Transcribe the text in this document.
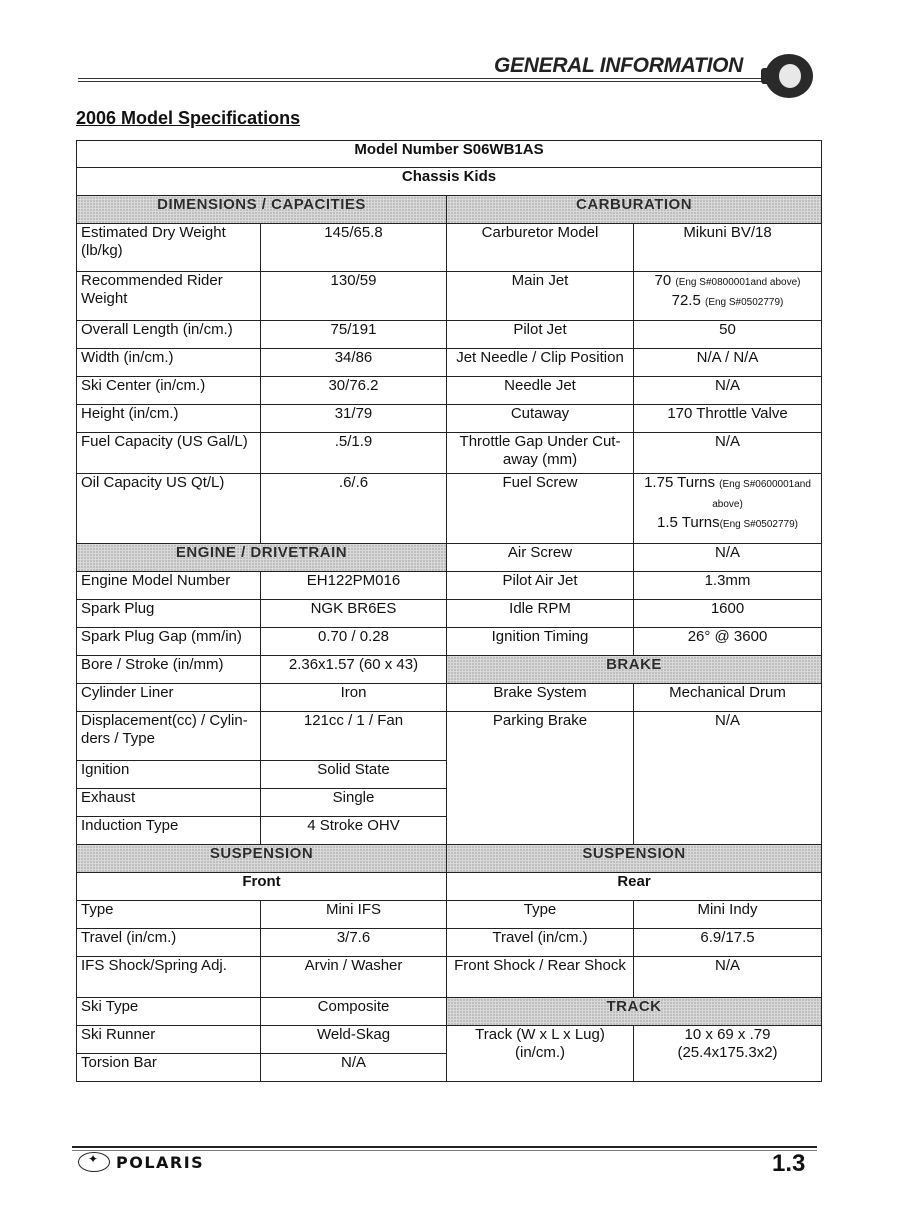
GENERAL INFORMATION
2006 Model Specifications
Model Number S06WB1AS			
Chassis Kids			
DIMENSIONS / CAPACITIES		CARBURATION	
Estimated Dry Weight (lb/kg)	145/65.8	Carburetor Model	Mikuni BV/18
Recommended Rider Weight	130/59	Main Jet	70 (Eng S#0800001and above)
72.5 (Eng S#0502779)

Overall Length (in/cm.)	75/191	Pilot Jet	50
Width (in/cm.)	34/86	Jet Needle / Clip Position	N/A / N/A
Ski Center (in/cm.)	30/76.2	Needle Jet	N/A
Height (in/cm.)	31/79	Cutaway	170 Throttle Valve
Fuel Capacity (US Gal/L)	.5/1.9	Throttle Gap Under Cut-away (mm)	N/A
Oil Capacity US Qt/L)	.6/.6	Fuel Screw	1.75 Turns (Eng S#0600001and above)
1.5 Turns(Eng S#0502779)

ENGINE / DRIVETRAIN		Air Screw	N/A
Engine Model Number	EH122PM016	Pilot Air Jet	1.3mm
Spark Plug	NGK BR6ES	Idle RPM	1600
Spark Plug Gap (mm/in)	0.70 / 0.28	Ignition Timing	26° @ 3600
Bore / Stroke (in/mm)	2.36x1.57 (60 x 43)	BRAKE	
Cylinder Liner	Iron	Brake System	Mechanical Drum
Displacement(cc) / Cylin-ders / Type	121cc / 1 / Fan	Parking Brake	N/A
Ignition	Solid State		
Exhaust	Single		
Induction Type	4 Stroke OHV		
SUSPENSION		SUSPENSION	
Front		Rear	
Type	Mini IFS	Type	Mini Indy
Travel (in/cm.)	3/7.6	Travel (in/cm.)	6.9/17.5
IFS Shock/Spring Adj.	Arvin / Washer	Front Shock / Rear Shock	N/A
Ski Type	Composite	TRACK	
Ski Runner	Weld-Skag	Track (W x L x Lug) (in/cm.)	10 x 69 x .79
(25.4x175.3x2)

Torsion Bar	N/A		
✦
POLARIS	1.3
